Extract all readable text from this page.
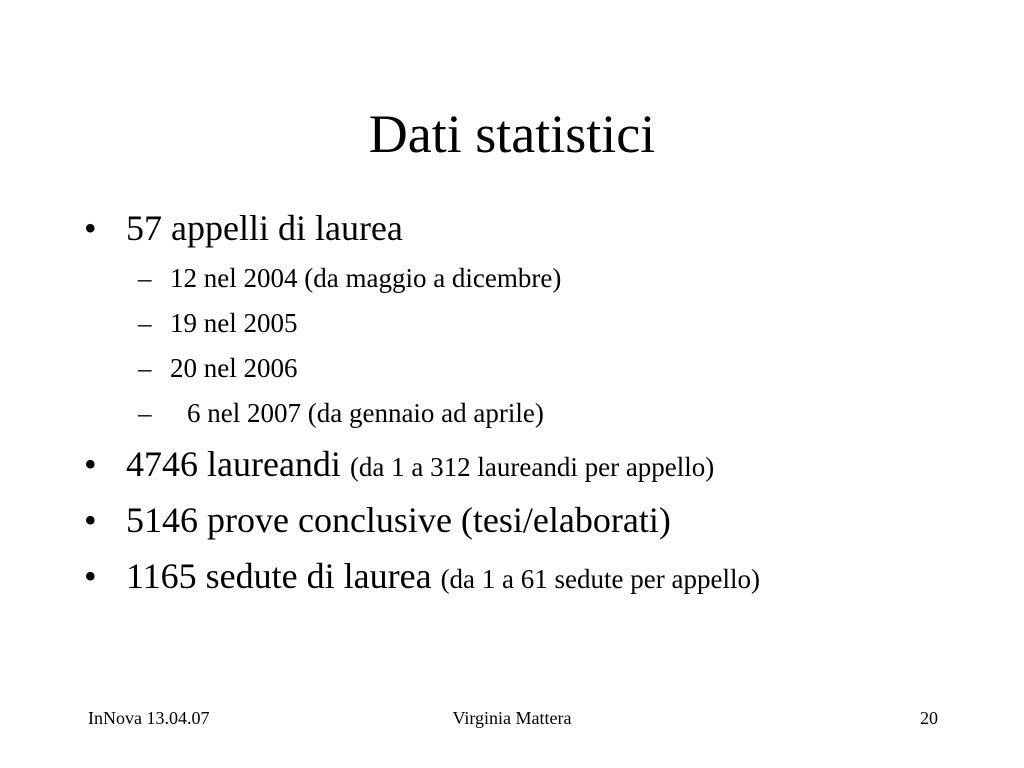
Dati statistici
• 57 appelli di laurea
– 12 nel 2004 (da maggio a dicembre)
– 19 nel 2005
– 20 nel 2006
– 6 nel 2007 (da gennaio ad aprile)
• 4746 laureandi (da 1 a 312 laureandi per appello)
• 5146 prove conclusive (tesi/elaborati)
• 1165 sedute di laurea (da 1 a 61 sedute per appello)
InNova 13.04.07	Virginia Mattera	20
